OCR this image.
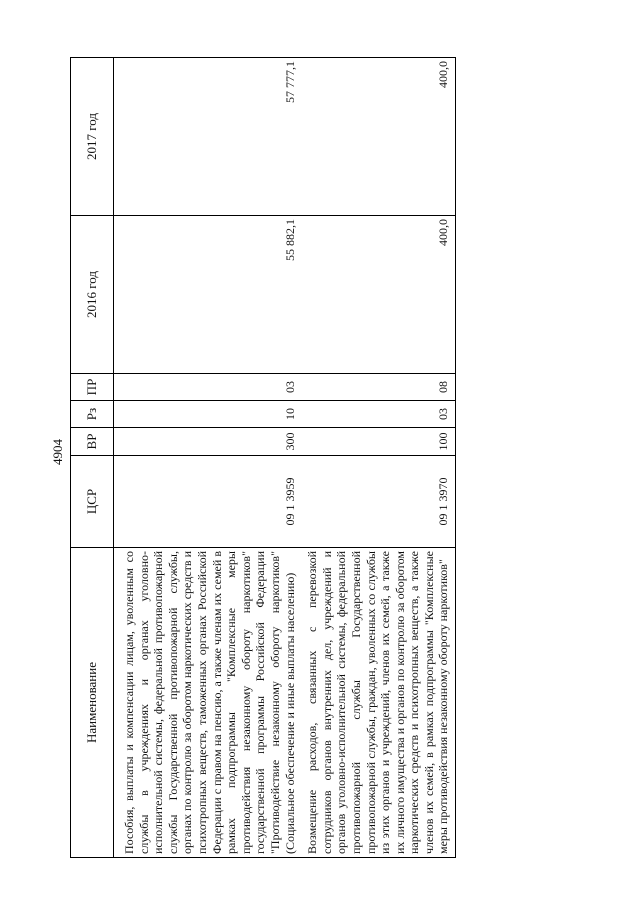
4904
Наименование	ЦСР	ВР	Рз	ПР	2016 год	2017 год

Пособия, выплаты и компенсации лицам, уволенным со службы в учреждениях и органах уголовно-исполнительной системы, федеральной противопожарной службы Государственной противопожарной службы, органах по контролю за оборотом наркотических средств и психотропных веществ, таможенных органах Российской Федерации с правом на пенсию, а также членам их семей в рамках подпрограммы "Комплексные меры противодействия незаконному обороту наркотиков" государственной программы Российской Федерации "Противодействие незаконному обороту наркотиков" (Социальное обеспечение и иные выплаты населению)	09 1 3959	300	10	03	55 882,1	57 777,1

Возмещение расходов, связанных с перевозкой сотрудников органов внутренних дел, учреждений и органов уголовно-исполнительной системы, федеральной противопожарной службы Государственной противопожарной службы, граждан, уволенных со службы из этих органов и учреждений, членов их семей, а также их личного имущества и органов по контролю за оборотом наркотических средств и психотропных веществ, а также членов их семей, в рамках подпрограммы "Комплексные меры противодействия незаконному обороту наркотиков"	09 1 3970	100	03	08	400,0	400,0
